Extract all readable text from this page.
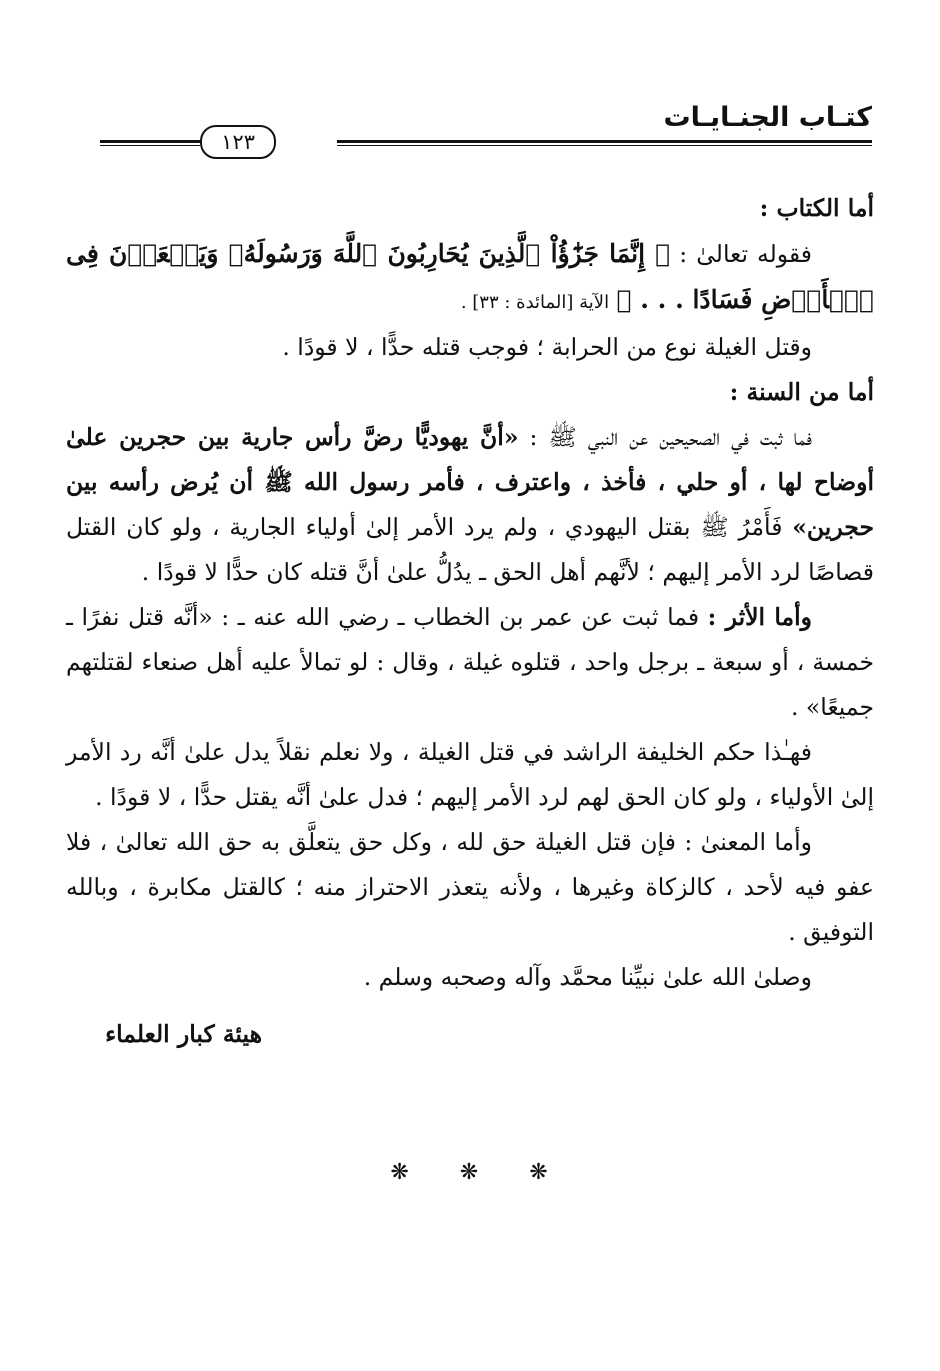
كتـاب الجنـايـات
١٢٣

أما الكتاب :

فقوله تعالىٰ : ﴿ إِنَّمَا جَزَٰٓؤُاْ ٱلَّذِينَ يُحَارِبُونَ ٱللَّهَ وَرَسُولَهُۥ وَيَسۡعَوۡنَ فِى ٱلۡأَرۡضِ فَسَادًا . . . ﴾ الآية [المائدة : ٣٣] .

وقتل الغيلة نوع من الحرابة ؛ فوجب قتله حدًّا ، لا قودًا .

أما من السنة :

فما ثبت في الصحيحين عن النبي ﷺ : «أنَّ يهوديًّا رضَّ رأس جارية بين حجرين علىٰ أوضاح لها ، أو حلي ، فأخذ ، واعترف ، فأمر رسول الله ﷺ أن يُرض رأسه بين حجرين» فَأَمْرُ ﷺ بقتل اليهودي ، ولم يرد الأمر إلىٰ أولياء الجارية ، ولو كان القتل قصاصًا لرد الأمر إليهم ؛ لأنَّهم أهل الحق ـ يدُلُّ علىٰ أنَّ قتله كان حدًّا لا قودًا .

وأما الأثر : فما ثبت عن عمر بن الخطاب ـ رضي الله عنه ـ : «أنَّه قتل نفرًا ـ خمسة ، أو سبعة ـ برجل واحد ، قتلوه غيلة ، وقال : لو تمالأ عليه أهل صنعاء لقتلتهم جميعًا» .

فهـٰذا حكم الخليفة الراشد في قتل الغيلة ، ولا نعلم نقلاً يدل علىٰ أنَّه رد الأمر إلىٰ الأولياء ، ولو كان الحق لهم لرد الأمر إليهم ؛ فدل علىٰ أنَّه يقتل حدًّا ، لا قودًا .

وأما المعنىٰ : فإن قتل الغيلة حق لله ، وكل حق يتعلَّق به حق الله تعالىٰ ، فلا عفو فيه لأحد ، كالزكاة وغيرها ، ولأنه يتعذر الاحتراز منه ؛ كالقتل مكابرة ، وبالله التوفيق .

وصلىٰ الله علىٰ نبيِّنا محمَّد وآله وصحبه وسلم .

هيئة كبار العلماء

❋ ❋ ❋
